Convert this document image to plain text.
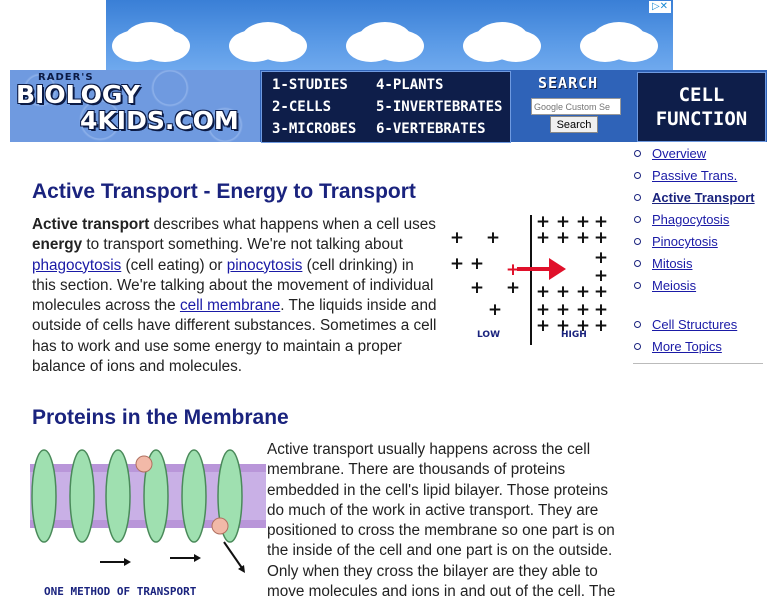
▷✕
RADER'S
BIOLOGY
4KIDS.COM
1-STUDIES 4-PLANTS
2-CELLS	5-INVERTEBRATES
3-MICROBES 6-VERTEBRATES
SEARCH
Google Custom Se
Search
CELL
FUNCTION
Active Transport - Energy to Transport
Active transport describes what happens when a cell uses energy to transport something. We're not talking about phagocytosis (cell eating) or pinocytosis (cell drinking) in this section. We're talking about the movement of individual molecules across the cell membrane. The liquids inside and outside of cells have different substances. Sometimes a cell has to work and use some energy to maintain a proper balance of ions and molecules.
+ +
+ +
+ +
+
+ + + +
+ + + +
+
+
+ + + +
+ + + +
+ + + +
+
LOW	HIGH
Proteins in the Membrane
ONE METHOD OF TRANSPORT
Active transport usually happens across the cell membrane. There are thousands of proteins embedded in the cell's lipid bilayer. Those proteins do much of the work in active transport. They are positioned to cross the membrane so one part is on the inside of the cell and one part is on the outside. Only when they cross the bilayer are they able to move molecules and ions in and out of the cell. The
Overview
Passive Trans.
Active Transport
Phagocytosis
Pinocytosis
Mitosis
Meiosis
Cell Structures
More Topics
